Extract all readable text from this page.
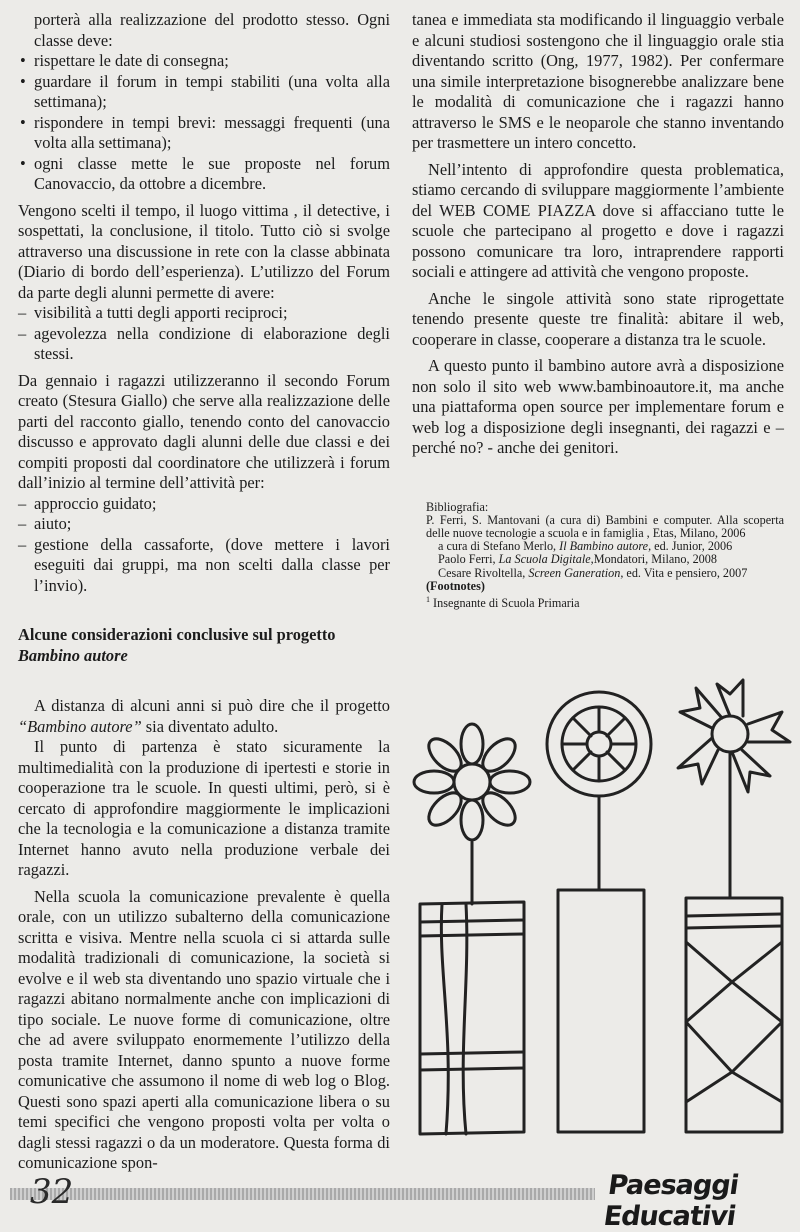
porterà alla realizzazione del prodotto stesso. Ogni classe deve:

• rispettare le date di consegna;
• guardare il forum in tempi stabiliti (una volta alla settimana);
• rispondere in tempi brevi: messaggi frequenti (una volta alla settimana);
• ogni classe mette le sue proposte nel forum Canovaccio, da ottobre a dicembre.

Vengono scelti il tempo, il luogo vittima , il detective, i sospettati, la conclusione, il titolo. Tutto ciò si svolge attraverso una discussione in rete con la classe abbinata (Diario di bordo dell’esperienza). L’utilizzo del Forum da parte degli alunni permette di avere:

– visibilità a tutti degli apporti reciproci;
– agevolezza nella condizione di elaborazione degli stessi.

Da gennaio i ragazzi utilizzeranno il secondo Forum creato (Stesura Giallo) che serve alla realizzazione delle parti del racconto giallo, tenendo conto del canovaccio discusso e approvato dagli alunni delle due classi e dei compiti proposti dal coordinatore che utilizzerà i forum dall’inizio al termine dell’attività per:

– approccio guidato;
– aiuto;
– gestione della cassaforte, (dove mettere i lavori eseguiti dai gruppi, ma non scelti dalla classe per l’invio).
Alcune considerazioni conclusive sul progetto Bambino autore

A distanza di alcuni anni si può dire che il progetto “Bambino autore” sia diventato adulto.

Il punto di partenza è stato sicuramente la multimedialità con la produzione di ipertesti e storie in cooperazione tra le scuole. In questi ultimi, però, si è cercato di approfondire maggiormente le implicazioni che la tecnologia e la comunicazione a distanza tramite Internet hanno avuto nella produzione verbale dei ragazzi.

Nella scuola la comunicazione prevalente è quella orale, con un utilizzo subalterno della comunicazione scritta e visiva. Mentre nella scuola ci si attarda sulle modalità tradizionali di comunicazione, la società si evolve e il web sta diventando uno spazio virtuale che i ragazzi abitano normalmente anche con implicazioni di tipo sociale. Le nuove forme di comunicazione, oltre che ad avere sviluppato enormemente l’utilizzo della posta tramite Internet, danno spunto a nuove forme comunicative che assumono il nome di web log o Blog. Questi sono spazi aperti alla comunicazione libera o su temi specifici che vengono proposti volta per volta o dagli stessi ragazzi o da un moderatore. Questa forma di comunicazione spon-

tanea e immediata sta modificando il linguaggio verbale e alcuni studiosi sostengono che il linguaggio orale stia diventando scritto (Ong, 1977, 1982). Per confermare una simile interpretazione bisognerebbe analizzare bene le modalità di comunicazione che i ragazzi hanno attraverso le SMS e le neoparole che stanno inventando per trasmettere un intero concetto.

Nell’intento di approfondire questa problematica, stiamo cercando di sviluppare maggiormente l’ambiente del WEB COME PIAZZA dove si affacciano tutte le scuole che partecipano al progetto e dove i ragazzi possono comunicare tra loro, intraprendere rapporti sociali e attingere ad attività che vengono proposte.

Anche le singole attività sono state riprogettate tenendo presente queste tre finalità: abitare il web, cooperare in classe, cooperare a distanza tra le scuole.

A questo punto il bambino autore avrà a disposizione non solo il sito web www.bambinoautore.it, ma anche una piattaforma open source per implementare forum e web log a disposizione degli insegnanti, dei ragazzi e – perché no? - anche dei genitori.

Bibliografia:

P. Ferri, S. Mantovani (a cura di) Bambini e computer. Alla scoperta delle nuove tecnologie a scuola e in famiglia , Etas, Milano, 2006

a cura di Stefano Merlo, Il Bambino autore, ed. Junior, 2006

Paolo Ferri, La Scuola Digitale,Mondatori, Milano, 2008

Cesare Rivoltella, Screen Ganeration, ed. Vita e pensiero, 2007

(Footnotes)

$^1$ Insegnante di Scuola Primaria

32	Paesaggi Educativi
